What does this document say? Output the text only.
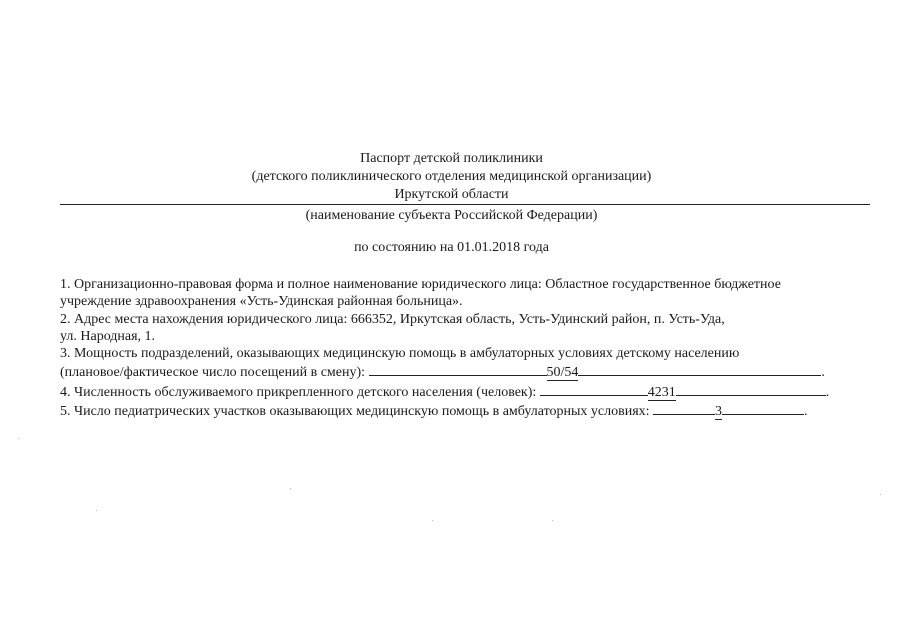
Паспорт детской поликлиники
(детского поликлинического отделения медицинской организации)
Иркутской области
(наименование субъекта Российской Федерации)
по состоянию на 01.01.2018 года
1. Организационно-правовая форма и полное наименование юридического лица: Областное государственное бюджетное
учреждение здравоохранения «Усть-Удинская районная больница».
2. Адрес места нахождения юридического лица: 666352, Иркутская область, Усть-Удинский район, п. Усть-Уда,
ул. Народная, 1.
3. Мощность подразделений, оказывающих медицинскую помощь в амбулаторных условиях детскому населению
(плановое/фактическое число посещений в смену):	50/54	.
4. Численность обслуживаемого прикрепленного детского населения (человек):	4231	.
5. Число педиатрических участков оказывающих медицинскую помощь в амбулаторных условиях:	3	.
